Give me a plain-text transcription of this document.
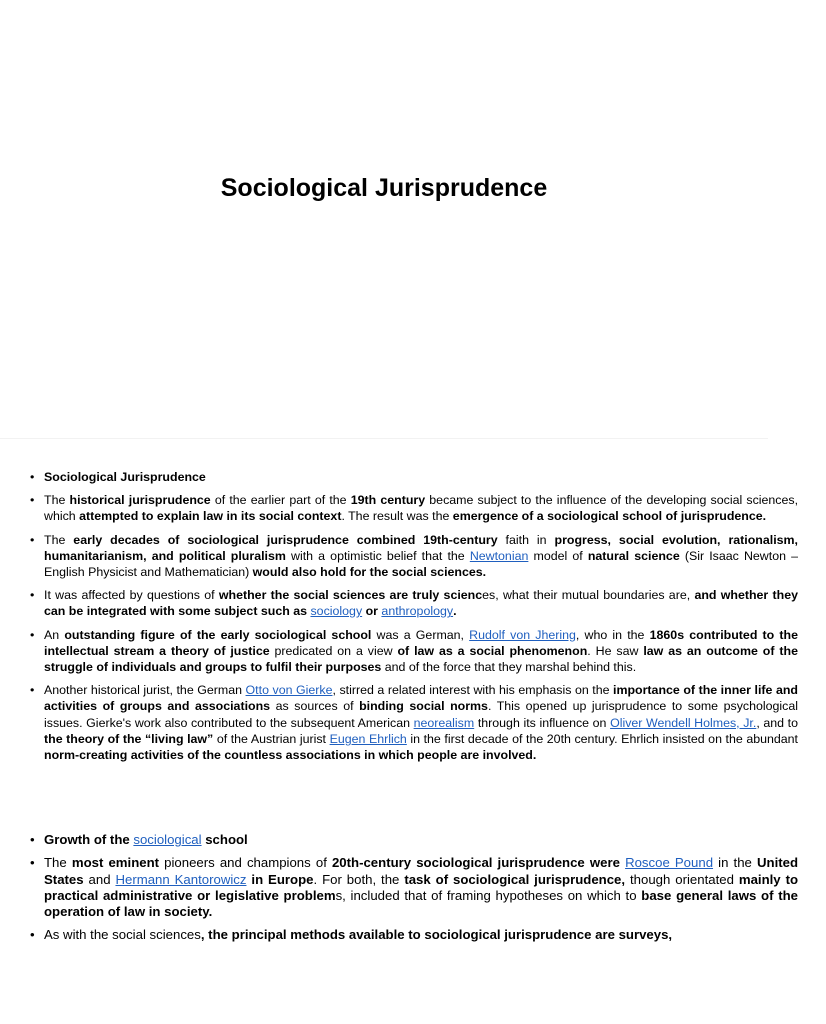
Sociological Jurisprudence
• Sociological Jurisprudence
• The historical jurisprudence of the earlier part of the 19th century became subject to the influence of the developing social sciences, which attempted to explain law in its social context. The result was the emergence of a sociological school of jurisprudence.
• The early decades of sociological jurisprudence combined 19th-century faith in progress, social evolution, rationalism, humanitarianism, and political pluralism with a optimistic belief that the Newtonian model of natural science (Sir Isaac Newton – English Physicist and Mathematician) would also hold for the social sciences.
• It was affected by questions of whether the social sciences are truly sciences, what their mutual boundaries are, and whether they can be integrated with some subject such as sociology or anthropology.
• An outstanding figure of the early sociological school was a German, Rudolf von Jhering, who in the 1860s contributed to the intellectual stream a theory of justice predicated on a view of law as a social phenomenon. He saw law as an outcome of the struggle of individuals and groups to fulfil their purposes and of the force that they marshal behind this.
• Another historical jurist, the German Otto von Gierke, stirred a related interest with his emphasis on the importance of the inner life and activities of groups and associations as sources of binding social norms. This opened up jurisprudence to some psychological issues. Gierke's work also contributed to the subsequent American neorealism through its influence on Oliver Wendell Holmes, Jr., and to the theory of the “living law” of the Austrian jurist Eugen Ehrlich in the first decade of the 20th century. Ehrlich insisted on the abundant norm-creating activities of the countless associations in which people are involved.
• Growth of the sociological school
• The most eminent pioneers and champions of 20th-century sociological jurisprudence were Roscoe Pound in the United States and Hermann Kantorowicz in Europe. For both, the task of sociological jurisprudence, though orientated mainly to practical administrative or legislative problems, included that of framing hypotheses on which to base general laws of the operation of law in society.
• As with the social sciences, the principal methods available to sociological jurisprudence are surveys,
